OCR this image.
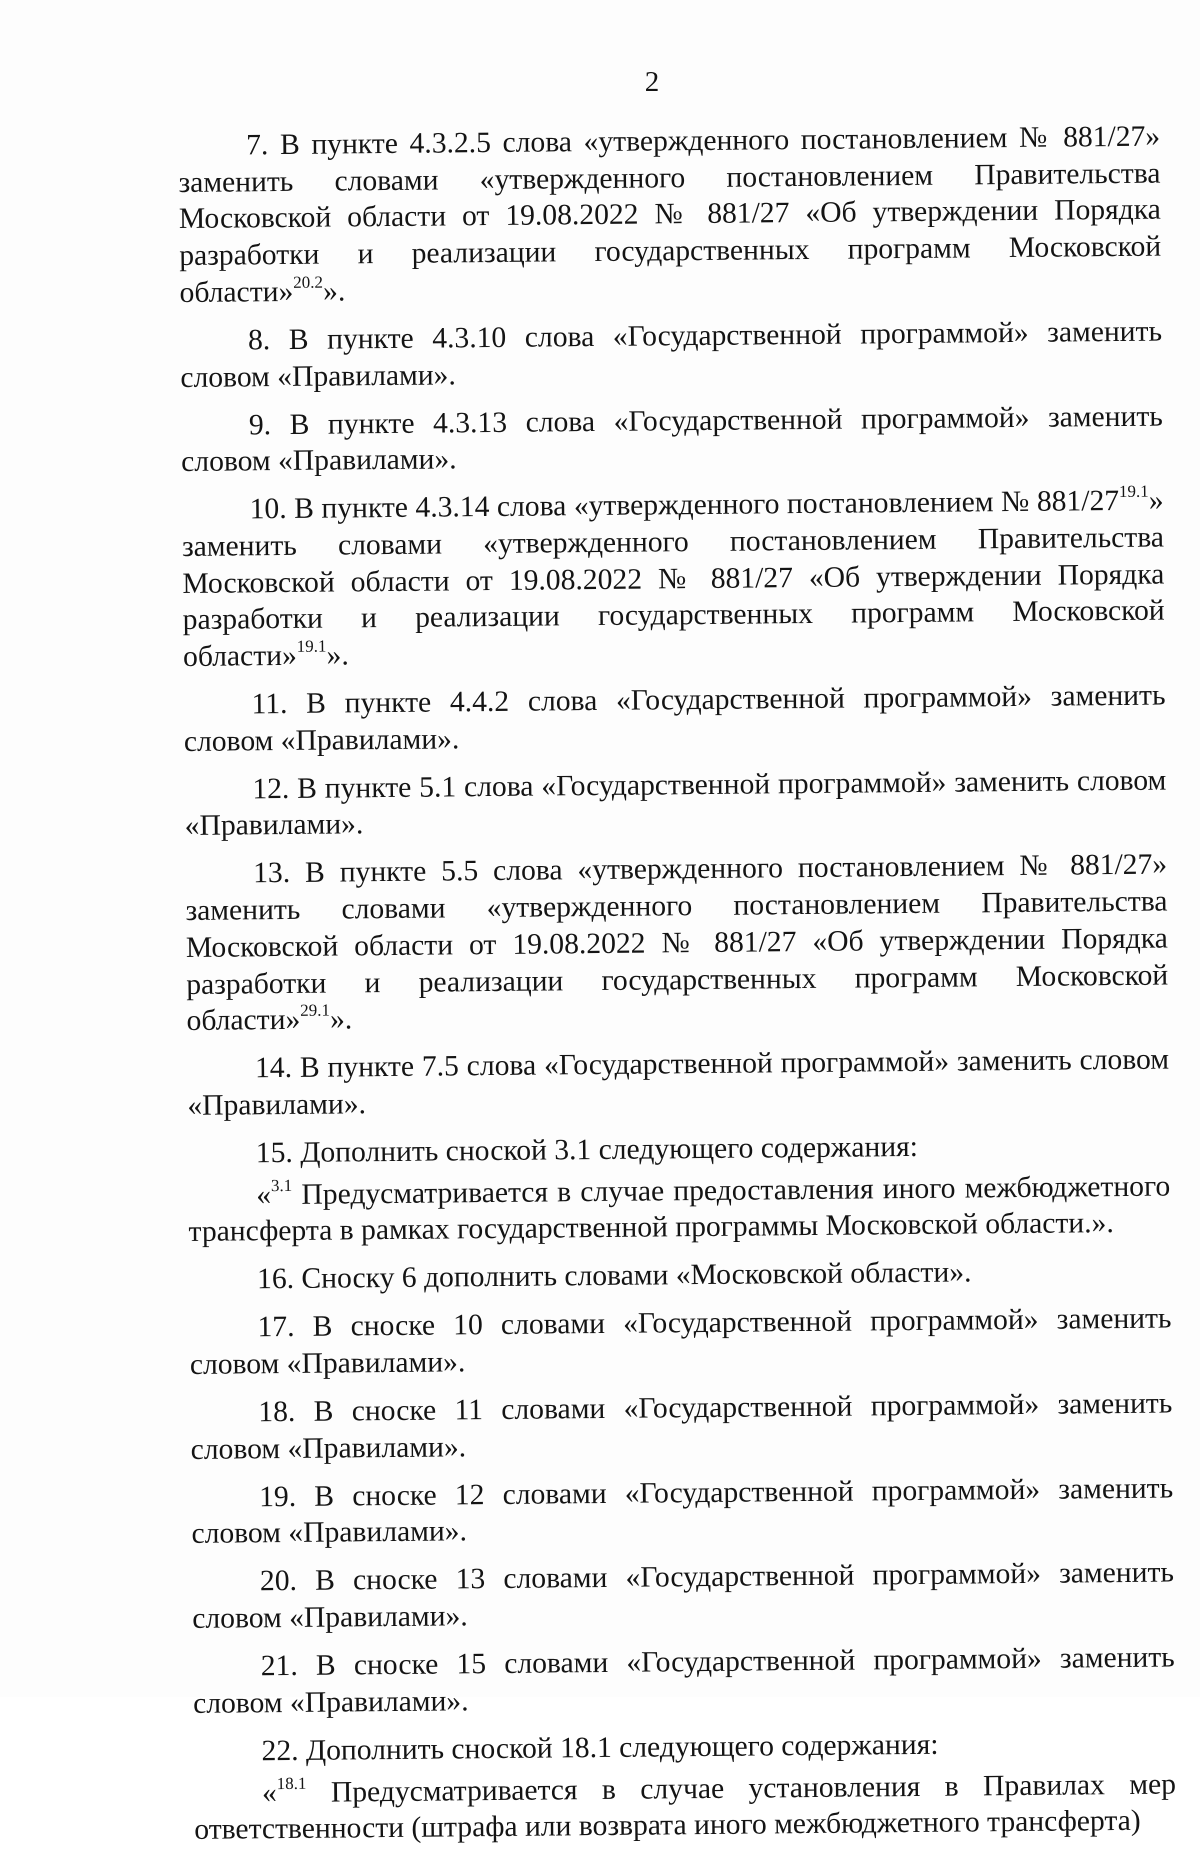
2

7. В пункте 4.3.2.5 слова «утвержденного постановлением № 881/27» заменить словами «утвержденного постановлением Правительства Московской области от 19.08.2022 № 881/27 «Об утверждении Порядка разработки и реализации государственных программ Московской области»$^{20.2}$».

8. В пункте 4.3.10 слова «Государственной программой» заменить словом «Правилами».

9. В пункте 4.3.13 слова «Государственной программой» заменить словом «Правилами».

10. В пункте 4.3.14 слова «утвержденного постановлением № $881/27^{19.1}$» заменить словами «утвержденного постановлением Правительства Московской области от 19.08.2022 № 881/27 «Об утверждении Порядка разработки и реализации государственных программ Московской области»$^{19.1}$».

11. В пункте 4.4.2 слова «Государственной программой» заменить словом «Правилами».

12. В пункте 5.1 слова «Государственной программой» заменить словом «Правилами».

13. В пункте 5.5 слова «утвержденного постановлением № 881/27» заменить словами «утвержденного постановлением Правительства Московской области от 19.08.2022 № 881/27 «Об утверждении Порядка разработки и реализации государственных программ Московской области»$^{29.1}$».

14. В пункте 7.5 слова «Государственной программой» заменить словом «Правилами».

15. Дополнить сноской 3.1 следующего содержания:

«$^{3.1}$ Предусматривается в случае предоставления иного межбюджетного трансферта в рамках государственной программы Московской области.».

16. Сноску 6 дополнить словами «Московской области».

17. В сноске 10 словами «Государственной программой» заменить словом «Правилами».

18. В сноске 11 словами «Государственной программой» заменить словом «Правилами».

19. В сноске 12 словами «Государственной программой» заменить словом «Правилами».

20. В сноске 13 словами «Государственной программой» заменить словом «Правилами».

21. В сноске 15 словами «Государственной программой» заменить словом «Правилами».

22. Дополнить сноской 18.1 следующего содержания:

«$^{18.1}$ Предусматривается в случае установления в Правилах мер ответственности (штрафа или возврата иного межбюджетного трансферта)
